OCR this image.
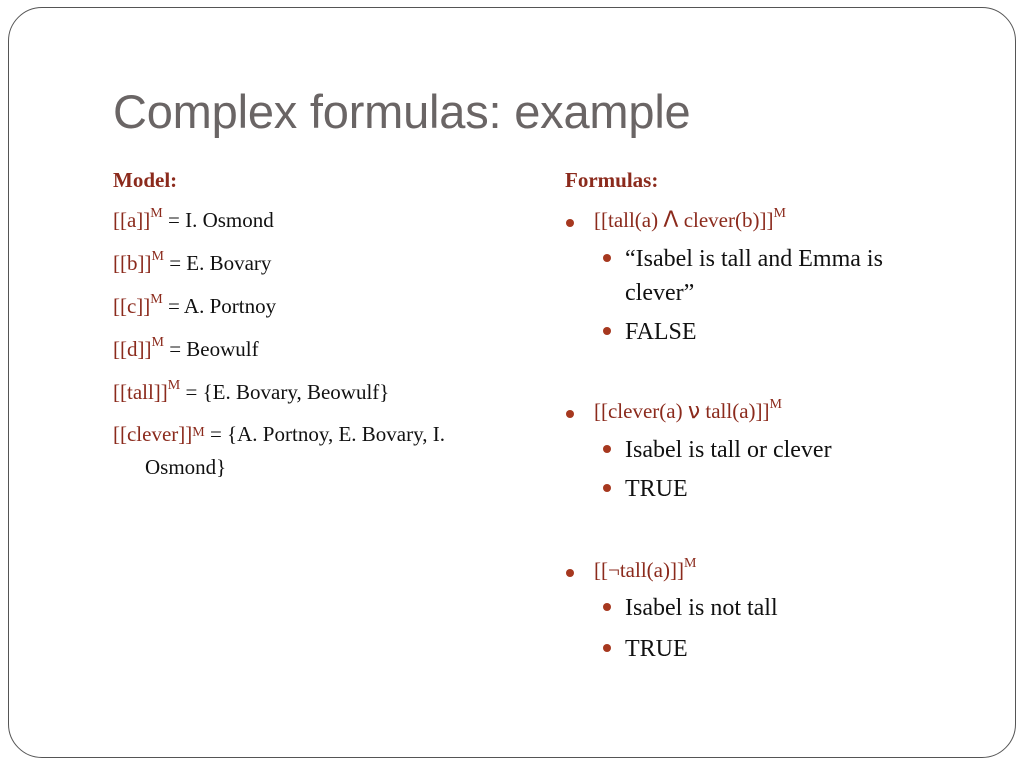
Complex formulas: example
Model:
$[[a]]^M = I$. Osmond
$[[b]]^M = E$. Bovary
$[[c]]^M = A$. Portnoy
$[[d]]^M$ = Beowulf
[[tall]]$^M$ = {E. Bovary, Beowulf}
[[clever]]$^M$ = {A. Portnoy, E. Bovary, I.
Osmond}
Formulas:
[[tall(a) Λ clever(b)]]$^M$
“Isabel is tall and Emma is clever”
FALSE
[[clever(a) ν tall(a)]]$^M$
Isabel is tall or clever
TRUE
[[¬tall(a)]]$^M$
Isabel is not tall
TRUE
